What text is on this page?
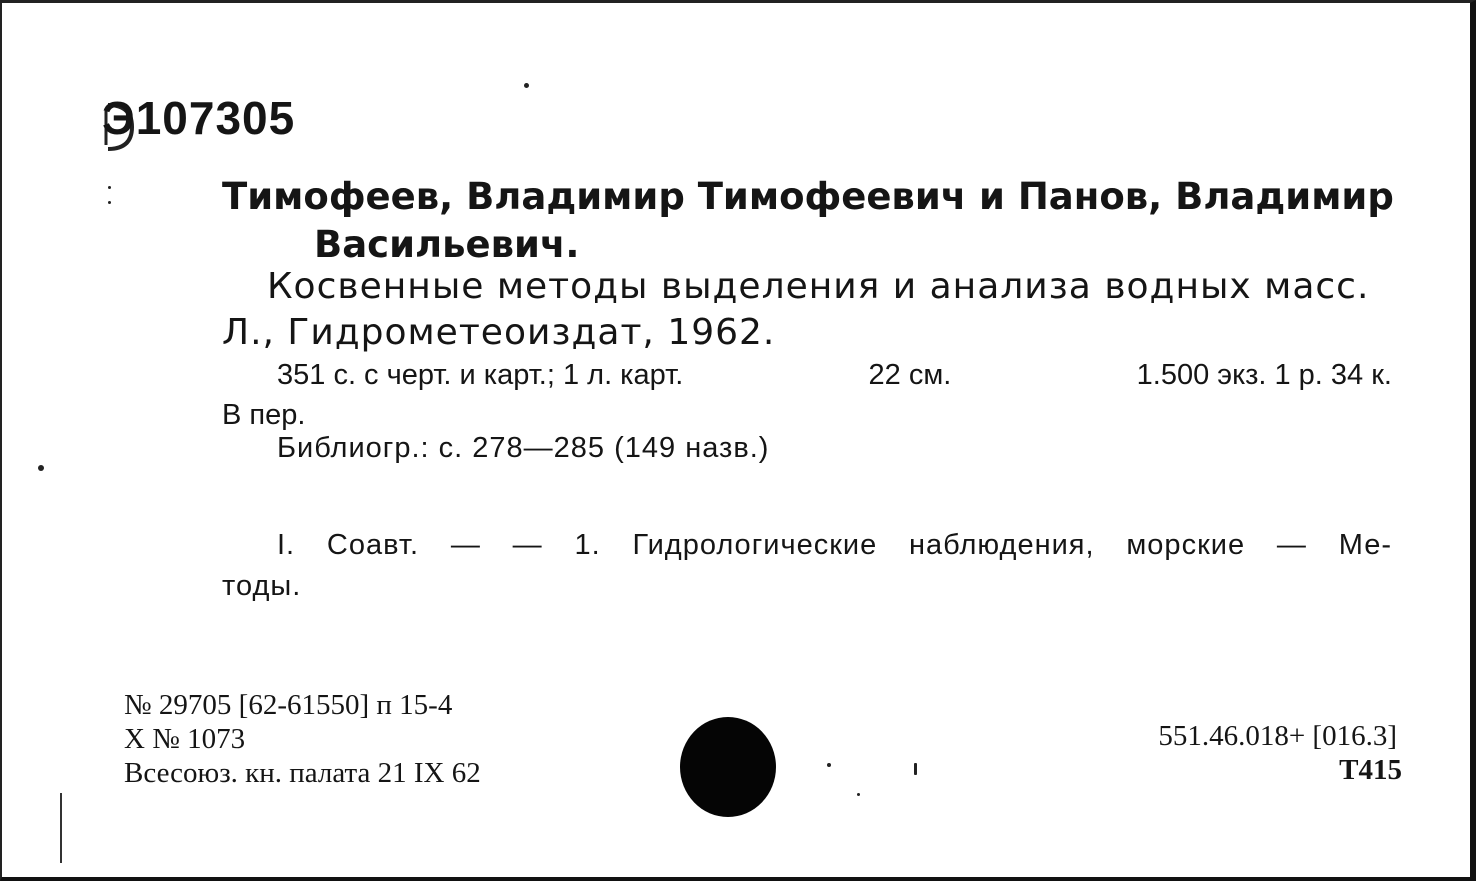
Э107305
Тимофеев, Владимир Тимофеевич и Панов, Владимир
Васильевич.
Косвенные методы выделения и анализа водных масс.
Л., Гидрометеоиздат, 1962.
351 с. с черт. и карт.; 1 л. карт.	22 см.	1.500 экз. 1 р. 34 к.
В пер.
Библиогр.: с. 278—285 (149 назв.)
I. Соавт. — — 1. Гидрологические наблюдения, морские — Ме-
тоды.
№ 29705 [62-61550] п 15-4
X № 1073
Всесоюз. кн. палата 21 IX 62
551.46.018+ [016.3]
Т415
